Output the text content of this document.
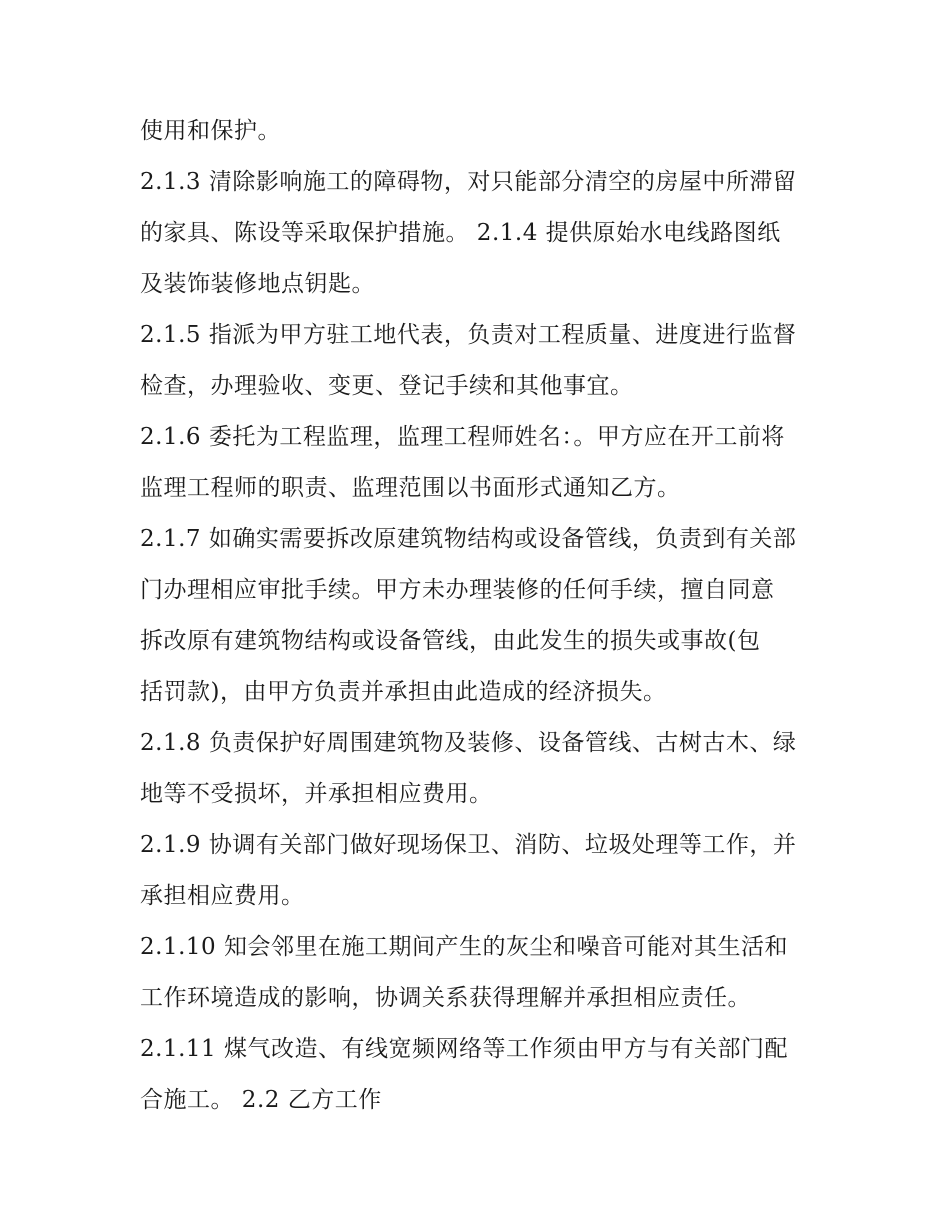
使用和保护。
2.1.3 清除影响施工的障碍物，对只能部分清空的房屋中所滞留
的家具、陈设等采取保护措施。 2.1.4 提供原始水电线路图纸
及装饰装修地点钥匙。
2.1.5 指派为甲方驻工地代表，负责对工程质量、进度进行监督
检查，办理验收、变更、登记手续和其他事宜。
2.1.6 委托为工程监理，监理工程师姓名：。甲方应在开工前将
监理工程师的职责、监理范围以书面形式通知乙方。
2.1.7 如确实需要拆改原建筑物结构或设备管线，负责到有关部
门办理相应审批手续。甲方未办理装修的任何手续，擅自同意
拆改原有建筑物结构或设备管线，由此发生的损失或事故(包
括罚款)，由甲方负责并承担由此造成的经济损失。
2.1.8 负责保护好周围建筑物及装修、设备管线、古树古木、绿
地等不受损坏，并承担相应费用。
2.1.9 协调有关部门做好现场保卫、消防、垃圾处理等工作，并
承担相应费用。
2.1.10 知会邻里在施工期间产生的灰尘和噪音可能对其生活和
工作环境造成的影响，协调关系获得理解并承担相应责任。
2.1.11 煤气改造、有线宽频网络等工作须由甲方与有关部门配
合施工。 2.2 乙方工作
